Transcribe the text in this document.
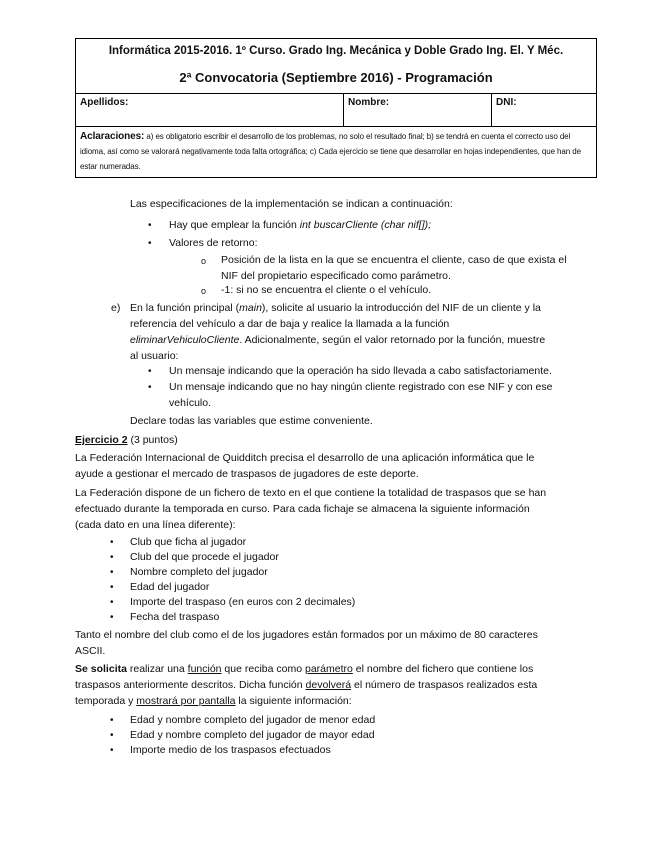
Informática 2015-2016. 1º Curso. Grado Ing. Mecánica y Doble Grado Ing. El. Y Méc.
2ª Convocatoria (Septiembre 2016) - Programación
Apellidos:	Nombre:	DNI:
Aclaraciones: a) es obligatorio escribir el desarrollo de los problemas, no solo el resultado final; b) se tendrá en cuenta el correcto uso del idioma, así como se valorará negativamente toda falta ortográfica; c) Cada ejercicio se tiene que desarrollar en hojas independientes, que han de estar numeradas.
Las especificaciones de la implementación se indican a continuación:
• Hay que emplear la función int buscarCliente (char nif[]);
• Valores de retorno:
o Posición de la lista en la que se encuentra el cliente, caso de que exista el
NIF del propietario especificado como parámetro.
o -1: si no se encuentra el cliente o el vehículo.
e) En la función principal (main), solicite al usuario la introducción del NIF de un cliente y la
referencia del vehículo a dar de baja y realice la llamada a la función
eliminarVehiculoCliente. Adicionalmente, según el valor retornado por la función, muestre
al usuario:
• Un mensaje indicando que la operación ha sido llevada a cabo satisfactoriamente.
• Un mensaje indicando que no hay ningún cliente registrado con ese NIF y con ese
vehículo.
Declare todas las variables que estime conveniente.
Ejercicio 2 (3 puntos)
La Federación Internacional de Quidditch precisa el desarrollo de una aplicación informática que le
ayude a gestionar el mercado de traspasos de jugadores de este deporte.
La Federación dispone de un fichero de texto en el que contiene la totalidad de traspasos que se han
efectuado durante la temporada en curso. Para cada fichaje se almacena la siguiente información
(cada dato en una línea diferente):
• Club que ficha al jugador
• Club del que procede el jugador
• Nombre completo del jugador
• Edad del jugador
• Importe del traspaso (en euros con 2 decimales)
• Fecha del traspaso
Tanto el nombre del club como el de los jugadores están formados por un máximo de 80 caracteres
ASCII.
Se solicita realizar una función que reciba como parámetro el nombre del fichero que contiene los
traspasos anteriormente descritos. Dicha función devolverá el número de traspasos realizados esta
temporada y mostrará por pantalla la siguiente información:
• Edad y nombre completo del jugador de menor edad
• Edad y nombre completo del jugador de mayor edad
• Importe medio de los traspasos efectuados
